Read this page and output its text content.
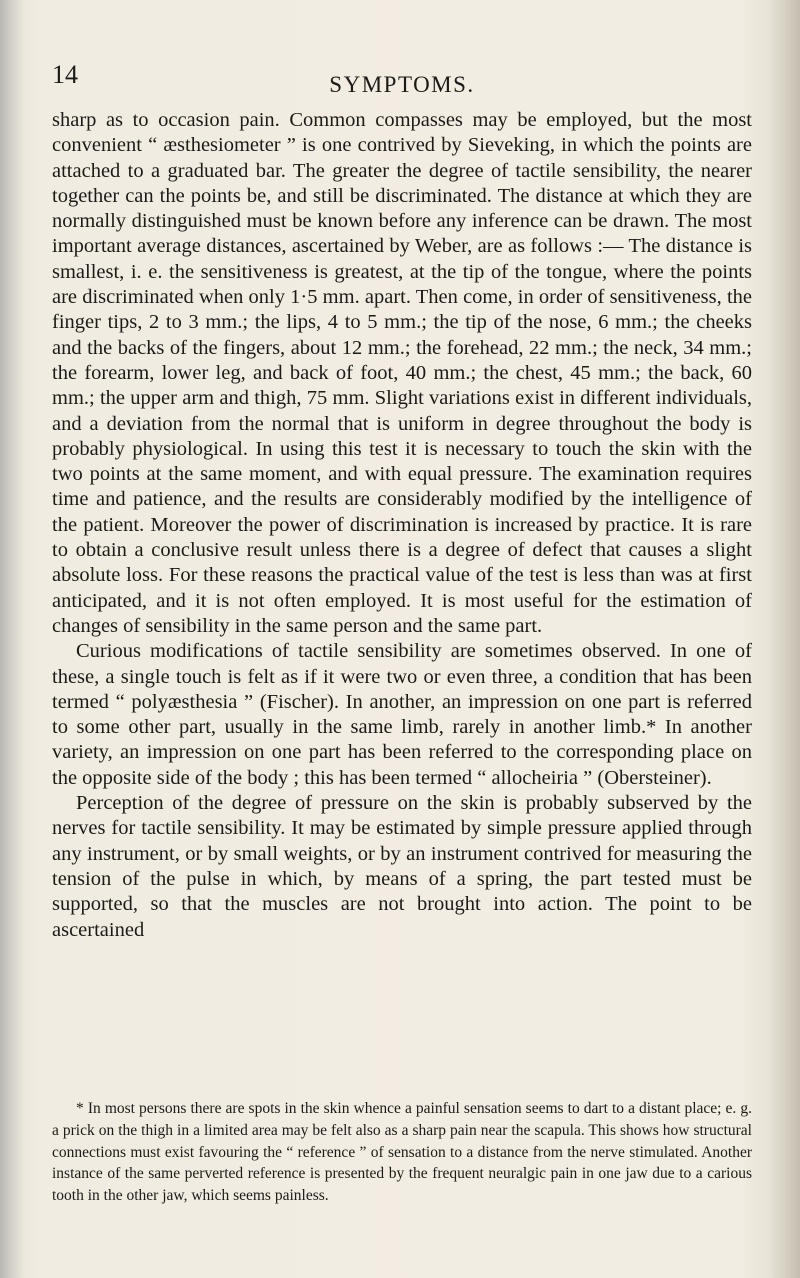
14	SYMPTOMS.

sharp as to occasion pain. Common compasses may be employed, but the most convenient “ æsthesiometer ” is one contrived by Sieveking, in which the points are attached to a graduated bar. The greater the degree of tactile sensibility, the nearer together can the points be, and still be discriminated. The distance at which they are normally distinguished must be known before any inference can be drawn. The most important average distances, ascertained by Weber, are as follows :— The distance is smallest, i. e. the sensitiveness is greatest, at the tip of the tongue, where the points are discriminated when only 1·5 mm. apart. Then come, in order of sensitiveness, the finger tips, 2 to 3 mm.; the lips, 4 to 5 mm.; the tip of the nose, 6 mm.; the cheeks and the backs of the fingers, about 12 mm.; the forehead, 22 mm.; the neck, 34 mm.; the forearm, lower leg, and back of foot, 40 mm.; the chest, 45 mm.; the back, 60 mm.; the upper arm and thigh, 75 mm. Slight variations exist in different individuals, and a deviation from the normal that is uniform in degree throughout the body is probably physiological. In using this test it is necessary to touch the skin with the two points at the same moment, and with equal pressure. The examination requires time and patience, and the results are considerably modified by the intelligence of the patient. Moreover the power of discrimination is increased by practice. It is rare to obtain a conclusive result unless there is a degree of defect that causes a slight absolute loss. For these reasons the practical value of the test is less than was at first anticipated, and it is not often employed. It is most useful for the estimation of changes of sensibility in the same person and the same part.

Curious modifications of tactile sensibility are sometimes observed. In one of these, a single touch is felt as if it were two or even three, a condition that has been termed “ polyæsthesia ” (Fischer). In another, an impression on one part is referred to some other part, usually in the same limb, rarely in another limb.* In another variety, an impression on one part has been referred to the corresponding place on the opposite side of the body ; this has been termed “ allocheiria ” (Obersteiner).

Perception of the degree of pressure on the skin is probably subserved by the nerves for tactile sensibility. It may be estimated by simple pressure applied through any instrument, or by small weights, or by an instrument contrived for measuring the tension of the pulse in which, by means of a spring, the part tested must be supported, so that the muscles are not brought into action. The point to be ascertained

* In most persons there are spots in the skin whence a painful sensation seems to dart to a distant place; e. g. a prick on the thigh in a limited area may be felt also as a sharp pain near the scapula. This shows how structural connections must exist favouring the “ reference ” of sensation to a distance from the nerve stimulated. Another instance of the same perverted reference is presented by the frequent neuralgic pain in one jaw due to a carious tooth in the other jaw, which seems painless.
